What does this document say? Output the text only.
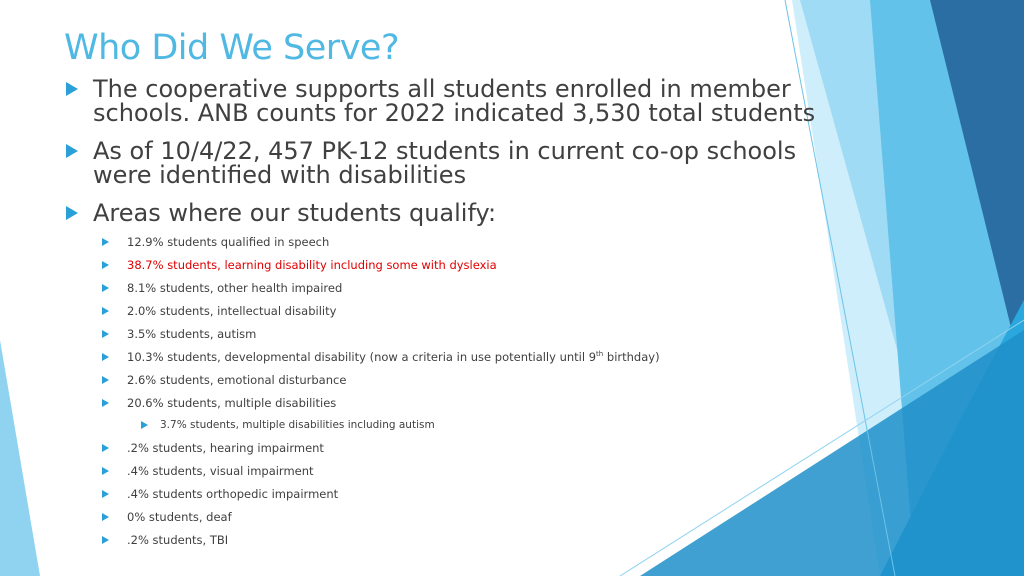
Who Did We Serve?
The cooperative supports all students enrolled in member
schools. ANB counts for 2022 indicated 3,530 total students
As of 10/4/22, 457 PK-12 students in current co-op schools
were identified with disabilities
Areas where our students qualify:
12.9% students qualified in speech
38.7% students, learning disability including some with dyslexia
8.1% students, other health impaired
2.0% students, intellectual disability
3.5% students, autism
10.3% students, developmental disability (now a criteria in use potentially until 9th birthday)
2.6% students, emotional disturbance
20.6% students, multiple disabilities
3.7% students, multiple disabilities including autism
.2% students, hearing impairment
.4% students, visual impairment
.4% students orthopedic impairment
0% students, deaf
.2% students, TBI
